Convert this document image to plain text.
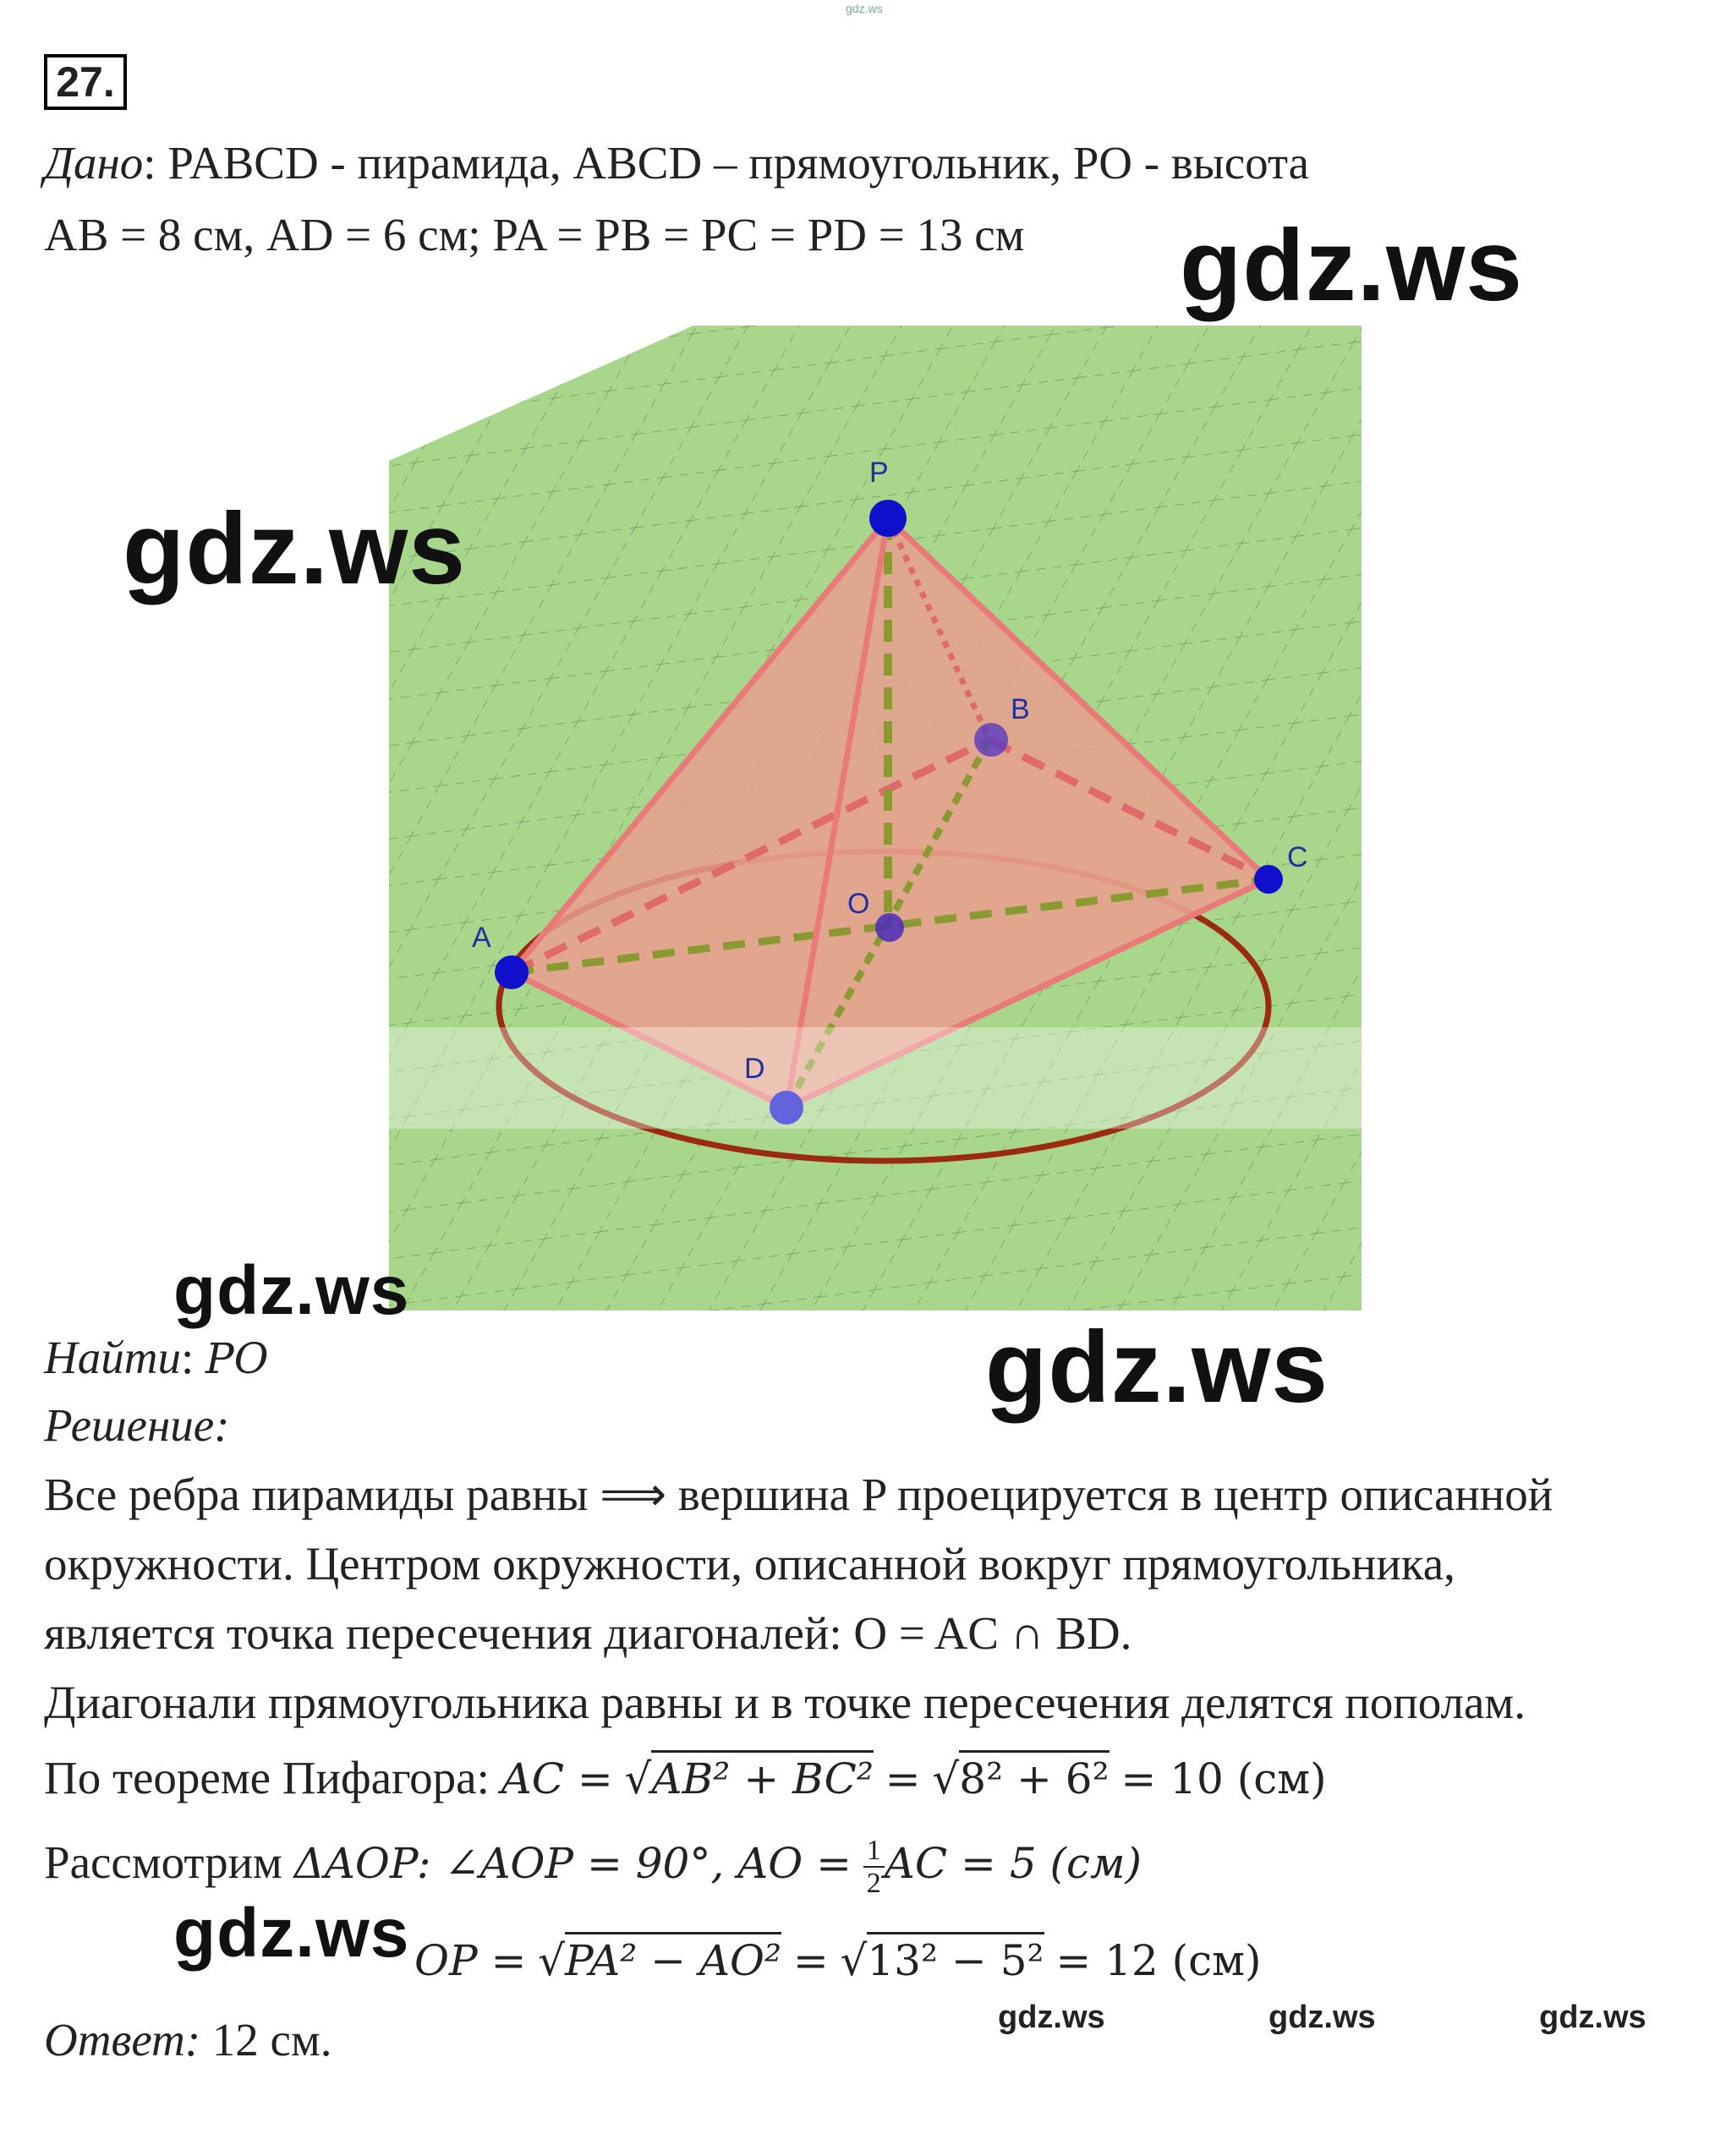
gdz.ws
27.
Дано: PABCD - пирамида, ABCD – прямоугольник, PO - высота
AB = 8 см, AD = 6 см; PA = PB = PC = PD = 13 см gdz.ws
P
B
C
O
A
D
gdz.ws
gdz.ws
gdz.ws
Найти: PO
Решение:
Все ребра пирамиды равны ⟹ вершина P проецируется в центр описанной
окружности. Центром окружности, описанной вокруг прямоугольника,
является точка пересечения диагоналей: O = AC ∩ BD.
Диагонали прямоугольника равны и в точке пересечения делятся пополам.
По теореме Пифагора: AC = √AB² + BC² = √8² + 6² = 10 (см)
Рассмотрим ΔAOP: ∠AOP = 90°, AO = $\frac{1}{2}$ AC = 5 (см)
OP = √PA² − AO² = √13² − 5² = 12 (см)
gdz.ws
Ответ: 12 см.	gdz.ws	gdz.ws	gdz.ws
